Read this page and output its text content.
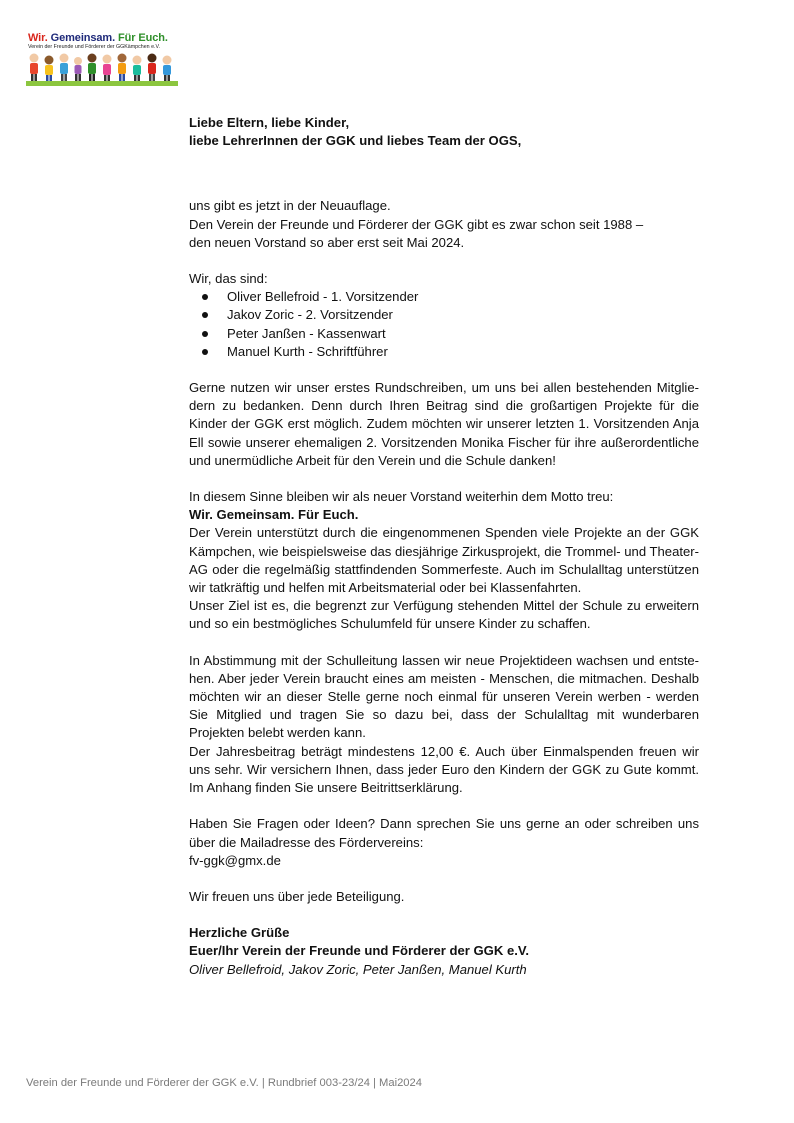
Wir. Gemeinsam. Für Euch.
Verein der Freunde und Förderer der GGKämpchen e.V.

Liebe Eltern, liebe Kinder,

liebe LehrerInnen der GGK und liebes Team der OGS,

uns gibt es jetzt in der Neuauflage.

Den Verein der Freunde und Förderer der GGK gibt es zwar schon seit 1988 –

den neuen Vorstand so aber erst seit Mai 2024.

Wir, das sind:

Oliver Bellefroid - 1. Vorsitzender
Jakov Zoric - 2. Vorsitzender
Peter Janßen - Kassenwart
Manuel Kurth - Schriftführer

Gerne nutzen wir unser erstes Rundschreiben, um uns bei allen bestehenden Mitgliedern zu bedanken. Denn durch Ihren Beitrag sind die großartigen Projekte für die Kinder der GGK erst möglich. Zudem möchten wir unserer letzten 1. Vorsitzenden Anja Ell sowie unserer ehemaligen 2. Vorsitzenden Monika Fischer für ihre außerordentliche und unermüdliche Arbeit für den Verein und die Schule danken!

In diesem Sinne bleiben wir als neuer Vorstand weiterhin dem Motto treu:

Wir. Gemeinsam. Für Euch.

Der Verein unterstützt durch die eingenommenen Spenden viele Projekte an der GGK Kämpchen, wie beispielsweise das diesjährige Zirkusprojekt, die Trommel- und Theater-AG oder die regelmäßig stattfindenden Sommerfeste. Auch im Schulalltag unterstützen wir tatkräftig und helfen mit Arbeitsmaterial oder bei Klassenfahrten.

Unser Ziel ist es, die begrenzt zur Verfügung stehenden Mittel der Schule zu erweitern und so ein bestmögliches Schulumfeld für unsere Kinder zu schaffen.

In Abstimmung mit der Schulleitung lassen wir neue Projektideen wachsen und entstehen. Aber jeder Verein braucht eines am meisten - Menschen, die mitmachen. Deshalb möchten wir an dieser Stelle gerne noch einmal für unseren Verein werben - werden Sie Mitglied und tragen Sie so dazu bei, dass der Schulalltag mit wunderbaren Projekten belebt werden kann.

Der Jahresbeitrag beträgt mindestens 12,00 €. Auch über Einmalspenden freuen wir uns sehr. Wir versichern Ihnen, dass jeder Euro den Kindern der GGK zu Gute kommt. Im Anhang finden Sie unsere Beitrittserklärung.

Haben Sie Fragen oder Ideen? Dann sprechen Sie uns gerne an oder schreiben uns über die Mailadresse des Fördervereins:

fv-ggk@gmx.de

Wir freuen uns über jede Beteiligung.

Herzliche Grüße

Euer/Ihr Verein der Freunde und Förderer der GGK e.V.

Oliver Bellefroid, Jakov Zoric, Peter Janßen, Manuel Kurth

Verein der Freunde und Förderer der GGK e.V. | Rundbrief 003-23/24 | Mai2024
